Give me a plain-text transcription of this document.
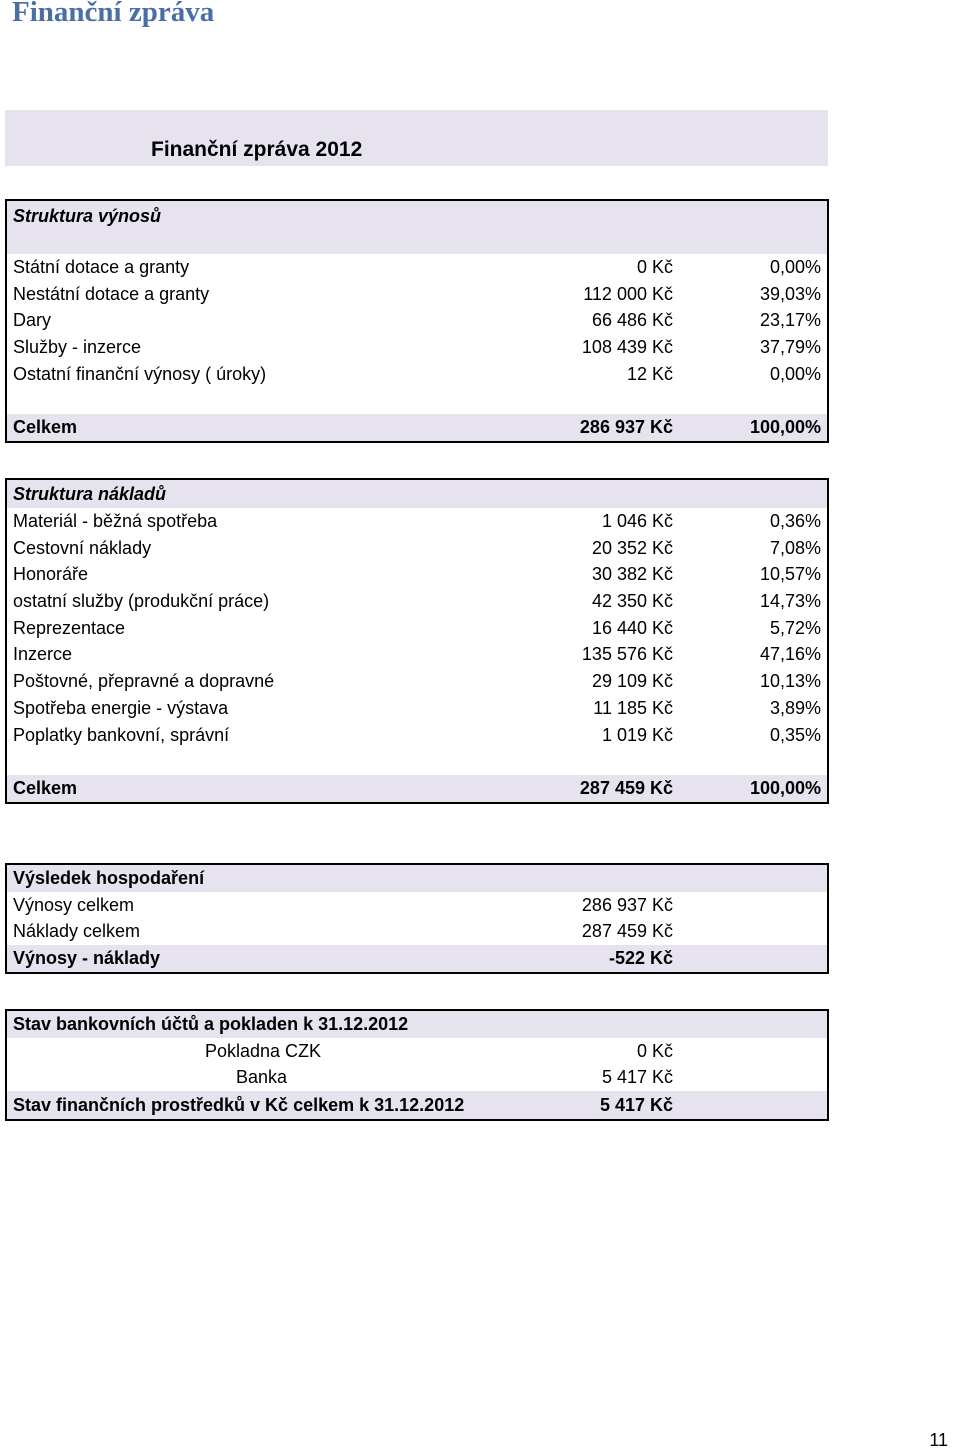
Finanční zpráva
Finanční zpráva 2012
Struktura výnosů
Státní dotace a granty	0 Kč	0,00%
Nestátní dotace a granty	112 000 Kč	39,03%
Dary	66 486 Kč	23,17%
Služby - inzerce	108 439 Kč	37,79%
Ostatní finanční výnosy ( úroky)	12 Kč	0,00%
Celkem	286 937 Kč	100,00%
Struktura nákladů
Materiál - běžná spotřeba	1 046 Kč	0,36%
Cestovní náklady	20 352 Kč	7,08%
Honoráře	30 382 Kč	10,57%
ostatní služby (produkční práce)	42 350 Kč	14,73%
Reprezentace	16 440 Kč	5,72%
Inzerce	135 576 Kč	47,16%
Poštovné, přepravné a dopravné	29 109 Kč	10,13%
Spotřeba energie - výstava	11 185 Kč	3,89%
Poplatky bankovní, správní	1 019 Kč	0,35%
Celkem	287 459 Kč	100,00%
Výsledek hospodaření
Výnosy celkem	286 937 Kč
Náklady celkem	287 459 Kč
Výnosy - náklady	-522 Kč
Stav bankovních účtů a pokladen k 31.12.2012
Pokladna CZK	0 Kč
Banka	5 417 Kč
Stav finančních prostředků v Kč celkem k 31.12.2012	5 417 Kč
11
